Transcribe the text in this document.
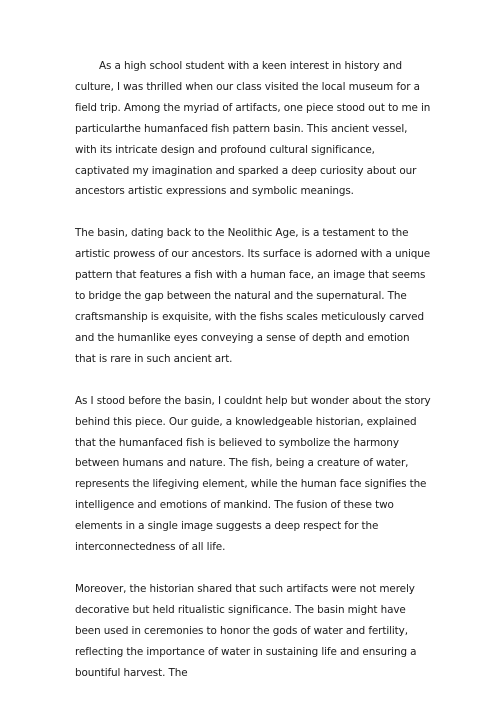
As a high school student with a keen interest in history and culture, I was thrilled when our class visited the local museum for a field trip. Among the myriad of artifacts, one piece stood out to me in particularthe humanfaced fish pattern basin. This ancient vessel, with its intricate design and profound cultural significance, captivated my imagination and sparked a deep curiosity about our ancestors artistic expressions and symbolic meanings.

The basin, dating back to the Neolithic Age, is a testament to the artistic prowess of our ancestors. Its surface is adorned with a unique pattern that features a fish with a human face, an image that seems to bridge the gap between the natural and the supernatural. The craftsmanship is exquisite, with the fishs scales meticulously carved and the humanlike eyes conveying a sense of depth and emotion that is rare in such ancient art.

As I stood before the basin, I couldnt help but wonder about the story behind this piece. Our guide, a knowledgeable historian, explained that the humanfaced fish is believed to symbolize the harmony between humans and nature. The fish, being a creature of water, represents the lifegiving element, while the human face signifies the intelligence and emotions of mankind. The fusion of these two elements in a single image suggests a deep respect for the interconnectedness of all life.

Moreover, the historian shared that such artifacts were not merely decorative but held ritualistic significance. The basin might have been used in ceremonies to honor the gods of water and fertility, reflecting the importance of water in sustaining life and ensuring a bountiful harvest. The
